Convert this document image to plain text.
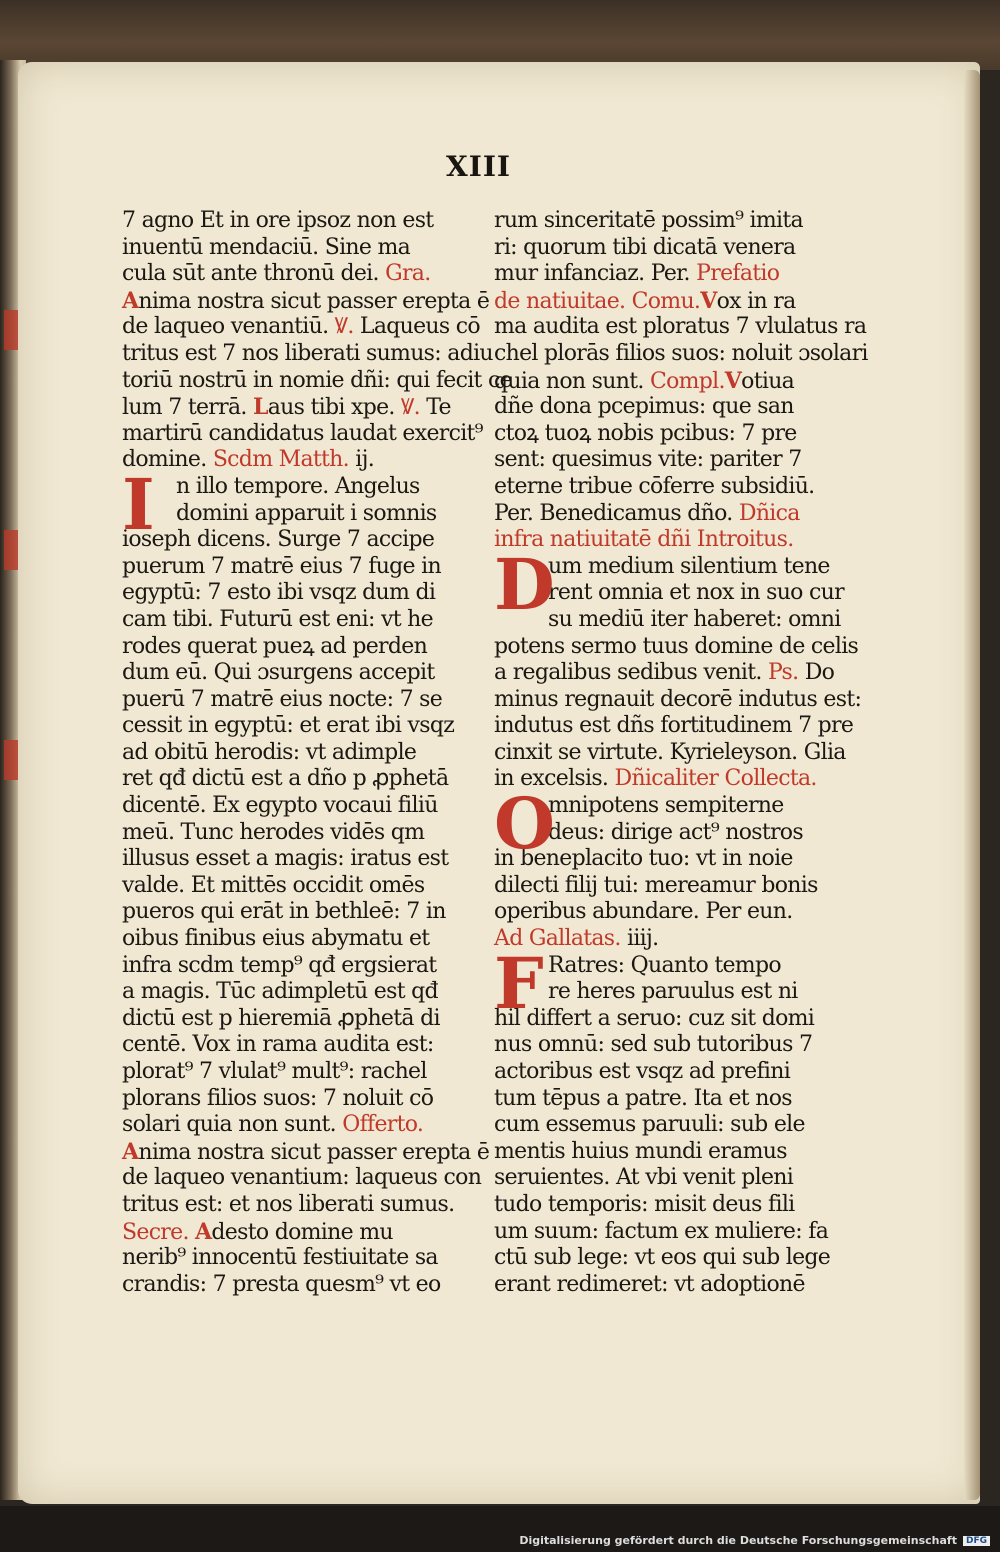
XIII
7 agno Et in ore ipsoz non est
inuentū mendaciū. Sine ma
cula sūt ante thronū dei. Gra.
Anima nostra sicut passer erepta ē
de laqueo venantiū. Ꝟ. Laqueus cō
tritus est 7 nos liberati sumus: adiu
toriū nostrū in nomie dñi: qui fecit ce
lum 7 terrā. Laus tibi xpe. Ꝟ. Te
martirū candidatus laudat exercit⁹
domine. Scdm Matth. ij.
I n illo tempore. Angelus
domini apparuit i somnis
ioseph dicens. Surge 7 accipe
puerum 7 matrē eius 7 fuge in
egyptū: 7 esto ibi vsqz dum di
cam tibi. Futurū est eni: vt he
rodes querat pueꝝ ad perden
dum eū. Qui ɔsurgens accepit
puerū 7 matrē eius nocte: 7 se
cessit in egyptū: et erat ibi vsqz
ad obitū herodis: vt adimple
ret qđ dictū est a dño p ꝓphetā
dicentē. Ex egypto vocaui filiū
meū. Tunc herodes vidēs qm
illusus esset a magis: iratus est
valde. Et mittēs occidit omēs
pueros qui erāt in bethleē: 7 in
oibus finibus eius abymatu et
infra scdm temp⁹ qđ ergsierat
a magis. Tūc adimpletū est qđ
dictū est p hieremiā ꝓphetā di
centē. Vox in rama audita est:
plorat⁹ 7 vlulat⁹ mult⁹: rachel
plorans filios suos: 7 noluit cō
solari quia non sunt. Offerto.
Anima nostra sicut passer erepta ē
de laqueo venantium: laqueus con
tritus est: et nos liberati sumus.
Secre. Adesto domine mu
nerib⁹ innocentū festiuitate sa
crandis: 7 presta quesm⁹ vt eo
rum sinceritatē possim⁹ imita
ri: quorum tibi dicatā venera
mur infanciaz. Per. Prefatio
de natiuitae. Comu.Vox in ra
ma audita est ploratus 7 vlulatus ra
chel plorās filios suos: noluit ɔsolari
quia non sunt. Compl.Votiua
dñe dona pcepimus: que san
ctoꝝ tuoꝝ nobis pcibus: 7 pre
sent: quesimus vite: pariter 7
eterne tribue cōferre subsidiū.
Per. Benedicamus dño. Dñica
infra natiuitatē dñi Introitus.
D
um medium silentium tene
rent omnia et nox in suo cur
su mediū iter haberet: omni
potens sermo tuus domine de celis
a regalibus sedibus venit. Ps. Do
minus regnauit decorē indutus est:
indutus est dñs fortitudinem 7 pre
cinxit se virtute. Kyrieleyson. Glia
in excelsis. Dñicaliter Collecta.
O
mnipotens sempiterne
deus: dirige act⁹ nostros
in beneplacito tuo: vt in noie
dilecti filij tui: mereamur bonis
operibus abundare. Per eun.
Ad Gallatas. iiij.
F Ratres: Quanto tempo
re heres paruulus est ni
hil differt a seruo: cuz sit domi
nus omnū: sed sub tutoribus 7
actoribus est vsqz ad prefini
tum tēpus a patre. Ita et nos
cum essemus paruuli: sub ele
mentis huius mundi eramus
seruientes. At vbi venit pleni
tudo temporis: misit deus fili
um suum: factum ex muliere: fa
ctū sub lege: vt eos qui sub lege
erant redimeret: vt adoptionē
Digitalisierung gefördert durch die Deutsche Forschungsgemeinschaft	DFG
